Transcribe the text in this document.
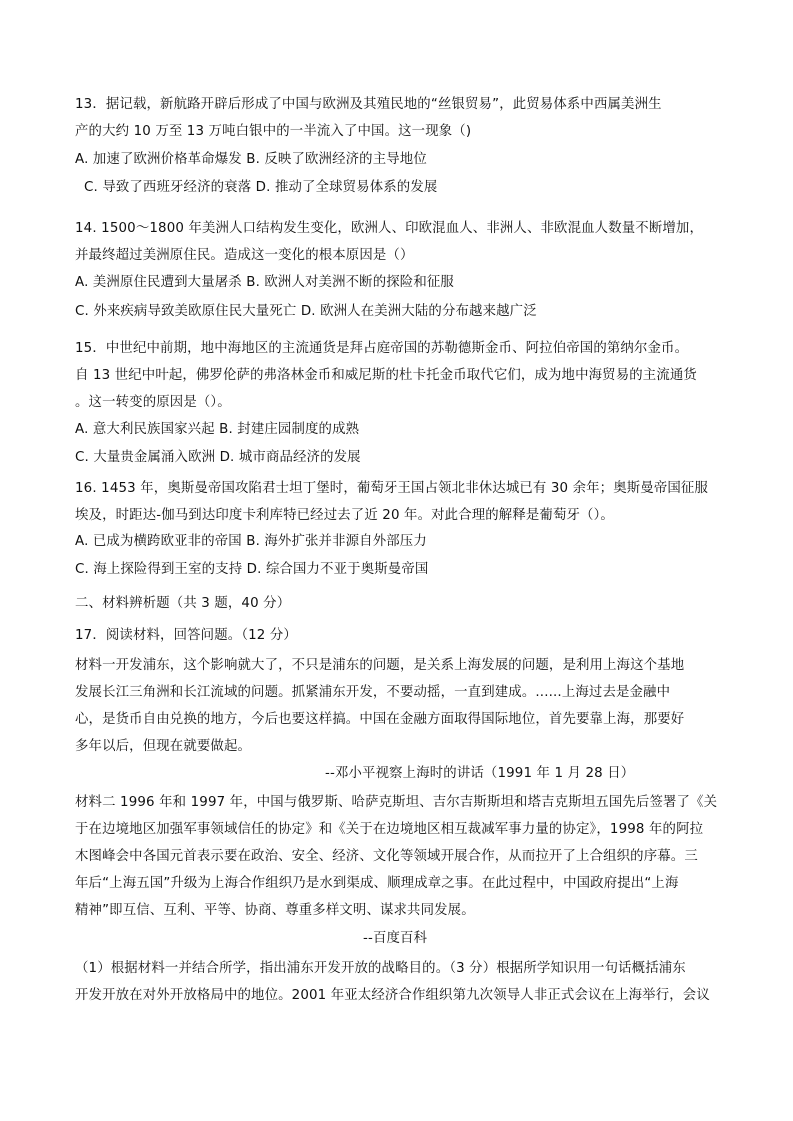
13．据记载，新航路开辟后形成了中国与欧洲及其殖民地的“丝银贸易”，此贸易体系中西属美洲生
产的大约 10 万至 13 万吨白银中的一半流入了中国。这一现象（)
A. 加速了欧洲价格革命爆发 B. 反映了欧洲经济的主导地位
C. 导致了西班牙经济的衰落 D. 推动了全球贸易体系的发展
14. 1500～1800 年美洲人口结构发生变化，欧洲人、印欧混血人、非洲人、非欧混血人数量不断增加，
并最终超过美洲原住民。造成这一变化的根本原因是（）
A. 美洲原住民遭到大量屠杀 B. 欧洲人对美洲不断的探险和征服
C. 外来疾病导致美欧原住民大量死亡 D. 欧洲人在美洲大陆的分布越来越广泛
15．中世纪中前期，地中海地区的主流通货是拜占庭帝国的苏勒德斯金币、阿拉伯帝国的第纳尔金币。
自 13 世纪中叶起，佛罗伦萨的弗洛林金币和威尼斯的杜卡托金币取代它们，成为地中海贸易的主流通货
。这一转变的原因是（）。
A. 意大利民族国家兴起 B. 封建庄园制度的成熟
C. 大量贵金属涌入欧洲 D. 城市商品经济的发展
16. 1453 年，奥斯曼帝国攻陷君士坦丁堡时，葡萄牙王国占领北非休达城已有 30 余年；奥斯曼帝国征服
埃及，时距达-伽马到达印度卡利库特已经过去了近 20 年。对此合理的解释是葡萄牙（）。
A. 已成为横跨欧亚非的帝国 B. 海外扩张并非源自外部压力
C. 海上探险得到王室的支持 D. 综合国力不亚于奥斯曼帝国
二、材料辨析题（共 3 题，40 分）
17．阅读材料，回答问题。（12 分）
材料一开发浦东，这个影响就大了，不只是浦东的问题，是关系上海发展的问题，是利用上海这个基地
发展长江三角洲和长江流域的问题。抓紧浦东开发，不要动摇，一直到建成。......上海过去是金融中
心，是货币自由兑换的地方，今后也要这样搞。中国在金融方面取得国际地位，首先要靠上海，那要好
多年以后，但现在就要做起。
--邓小平视察上海时的讲话（1991 年 1 月 28 日）
材料二 1996 年和 1997 年，中国与俄罗斯、哈萨克斯坦、吉尔吉斯斯坦和塔吉克斯坦五国先后签署了《关
于在边境地区加强军事领域信任的协定》和《关于在边境地区相互裁减军事力量的协定》，1998 年的阿拉
木图峰会中各国元首表示要在政治、安全、经济、文化等领域开展合作，从而拉开了上合组织的序幕。三
年后“上海五国”升级为上海合作组织乃是水到渠成、顺理成章之事。在此过程中，中国政府提出“上海
精神”即互信、互利、平等、协商、尊重多样文明、谋求共同发展。
--百度百科
（1）根据材料一并结合所学，指出浦东开发开放的战略目的。（3 分）根据所学知识用一句话概括浦东
开发开放在对外开放格局中的地位。2001 年亚太经济合作组织第九次领导人非正式会议在上海举行，会议
